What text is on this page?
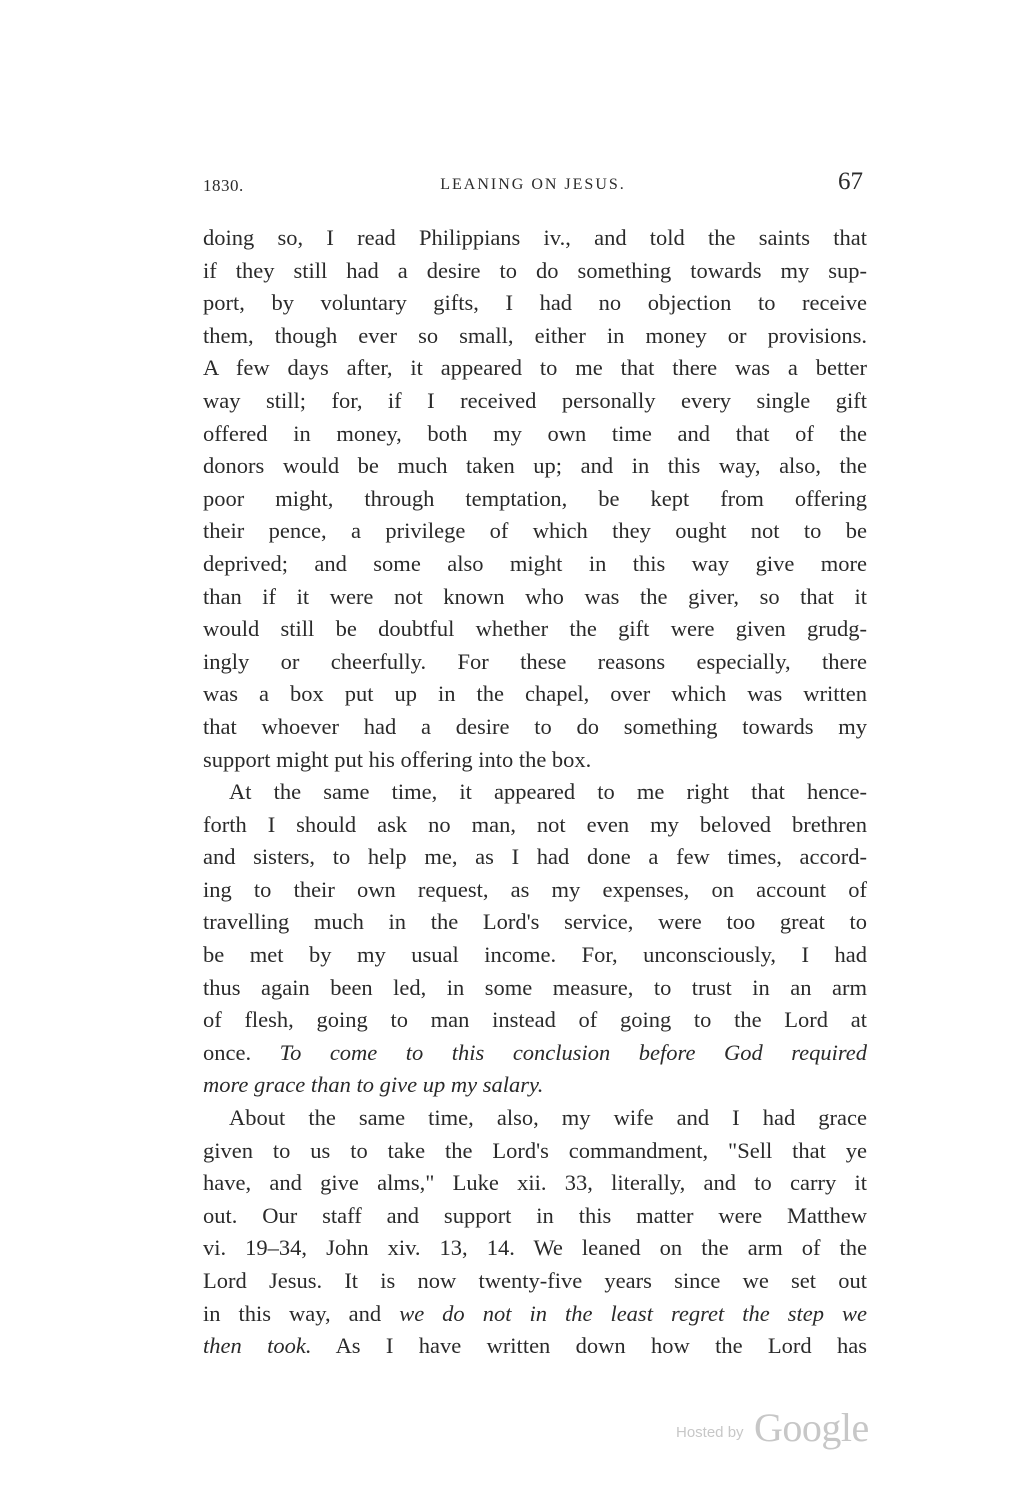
1830.	LEANING ON JESUS.	67
doing so, I read Philippians iv., and told the saints that
if they still had a desire to do something towards my sup-
port, by voluntary gifts, I had no objection to receive
them, though ever so small, either in money or provisions.
A few days after, it appeared to me that there was a better
way still; for, if I received personally every single gift
offered in money, both my own time and that of the
donors would be much taken up; and in this way, also, the
poor might, through temptation, be kept from offering
their pence, a privilege of which they ought not to be
deprived; and some also might in this way give more
than if it were not known who was the giver, so that it
would still be doubtful whether the gift were given grudg-
ingly or cheerfully. For these reasons especially, there
was a box put up in the chapel, over which was written
that whoever had a desire to do something towards my
support might put his offering into the box.
At the same time, it appeared to me right that hence-
forth I should ask no man, not even my beloved brethren
and sisters, to help me, as I had done a few times, accord-
ing to their own request, as my expenses, on account of
travelling much in the Lord's service, were too great to
be met by my usual income. For, unconsciously, I had
thus again been led, in some measure, to trust in an arm
of flesh, going to man instead of going to the Lord at
once. To come to this conclusion before God required
more grace than to give up my salary.
About the same time, also, my wife and I had grace
given to us to take the Lord's commandment, "Sell that ye
have, and give alms," Luke xii. 33, literally, and to carry it
out. Our staff and support in this matter were Matthew
vi. 19–34, John xiv. 13, 14. We leaned on the arm of the
Lord Jesus. It is now twenty-five years since we set out
in this way, and we do not in the least regret the step we
then took. As I have written down how the Lord has
Hosted by Google
